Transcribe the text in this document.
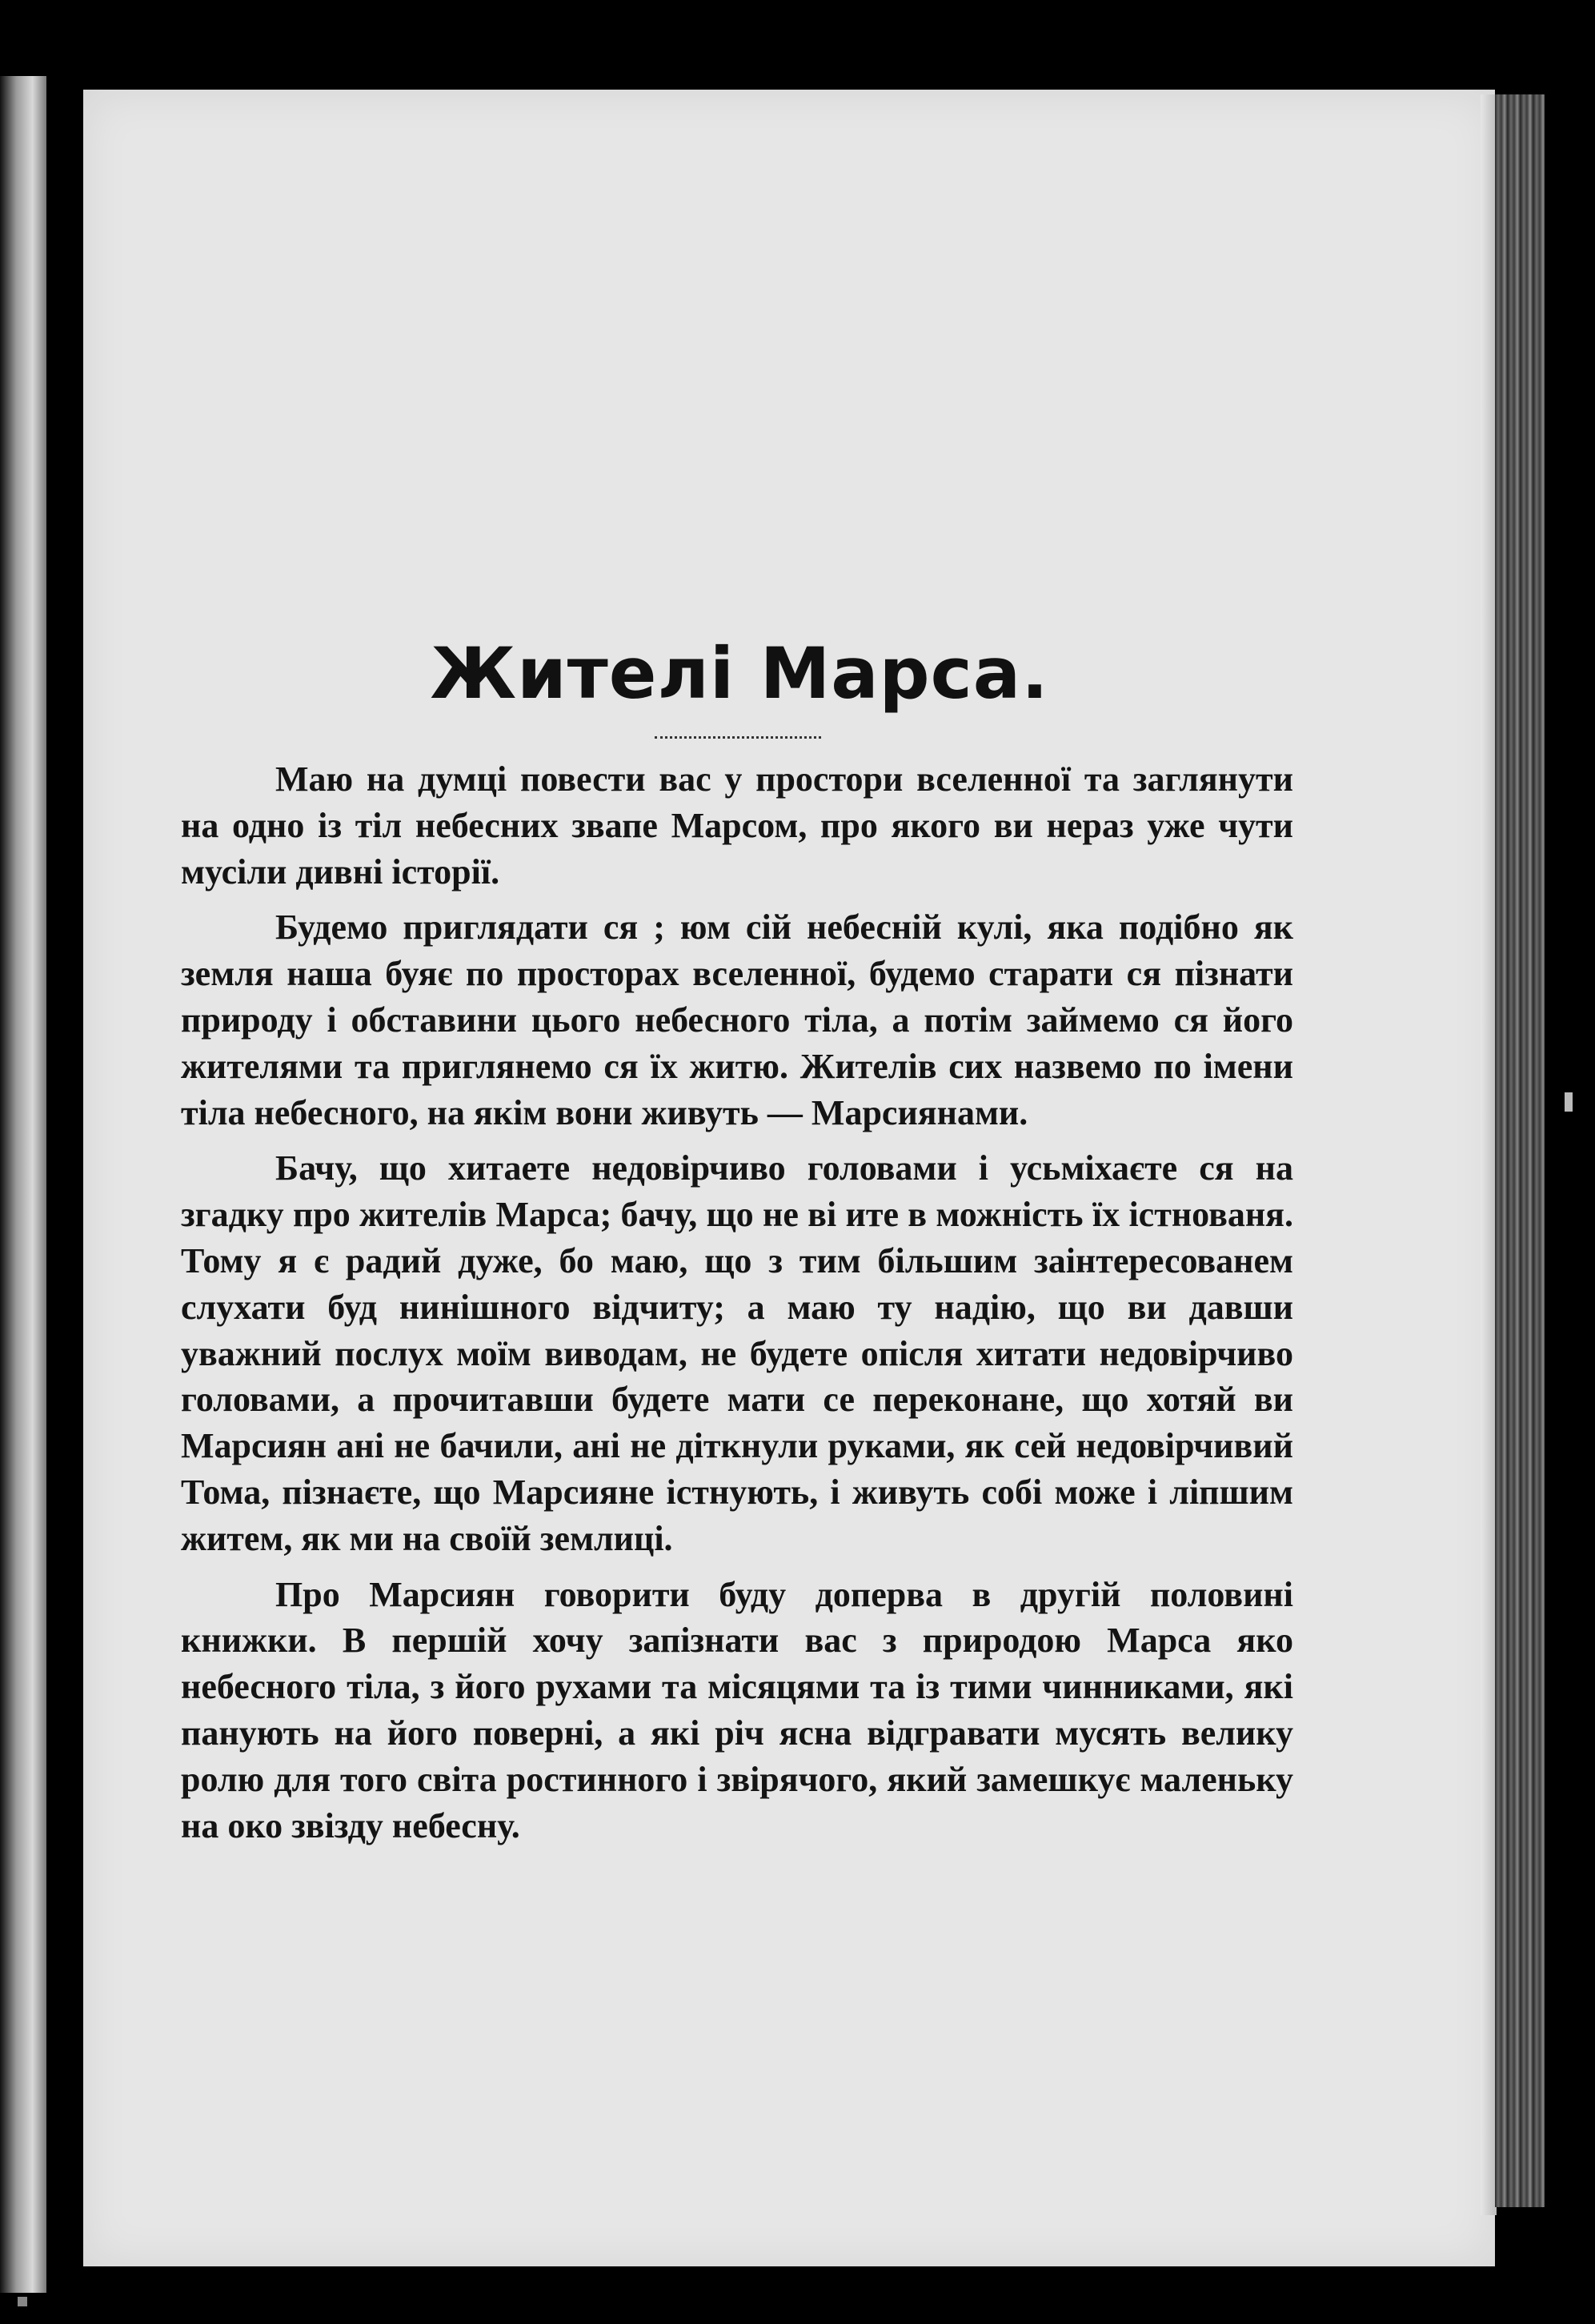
Жителі Марса.

Маю на думці повести вас у простори вселенної та заглянути на одно із тіл небесних звапе Марсом, про якого ви нераз уже чути мусіли дивні історії.

Будемо приглядати ся ; юм сій небесній кулі, яка подібно як земля наша буяє по просторах вселенної, будемо старати ся пізнати природу і обставини цього небесного тіла, а потім займемо ся його жителями та приглянемо ся їх житю. Жителів сих назвемо по імени тіла небесного, на якім вони живуть — Марсиянами.

Бачу, що хитаете недовірчиво головами і усьміхаєте ся на згадку про жителів Марса; бачу, що не ві ите в можність їх істнованя. Тому я є радий дуже, бо мaю, що з тим більшим заінтересованем слухати буд нинішного відчиту; а маю ту надію, що ви давши уважний послух моїм виводам, не будете опісля хитати недовірчиво головами, а прочитавши будете мати се переконане, що хотяй ви Марсиян ані не бачили, ані не діткнули руками, як сей недовірчивий Тома, пізнаєте, що Марсияне істнують, і живуть собі може і ліпшим житем, як ми на своїй землиці.

Про Марсиян говорити буду доперва в другій половині книжки. В першій хочу запізнати вас з природою Марса яко небесного тіла, з його рухами та місяцями та із тими чинниками, які панують на його поверні, а які річ ясна відгравати мусять велику ролю для того світа ростинного і звірячого, який замешкує маленьку на око звізду небесну.
